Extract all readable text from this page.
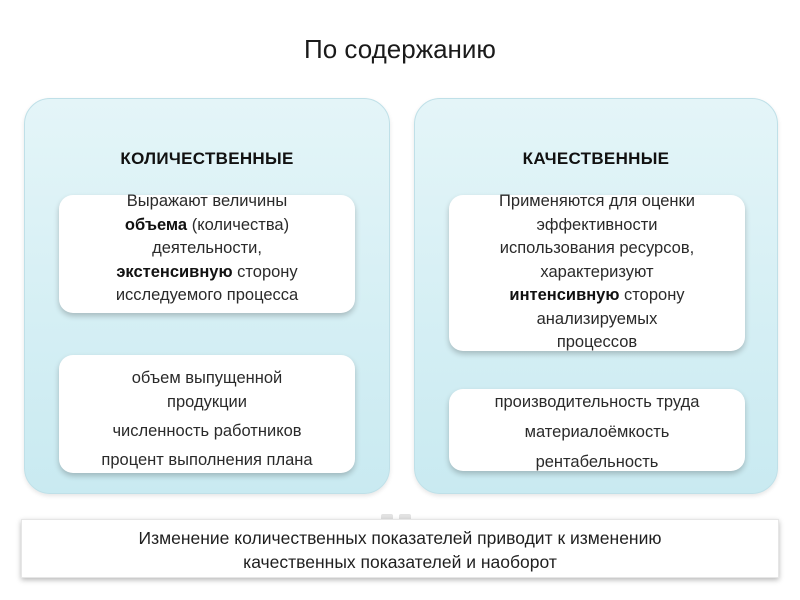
По содержанию
КОЛИЧЕСТВЕННЫЕ
Выражают величины
объема (количества)
деятельности,
экстенсивную сторону
исследуемого процесса
объем выпущенной
продукции
численность работников
процент выполнения плана
КАЧЕСТВЕННЫЕ
Применяются для оценки
эффективности
использования ресурсов,
характеризуют
интенсивную сторону
анализируемых
процессов
производительность труда
материалоёмкость
рентабельность
Изменение количественных показателей приводит к изменению
качественных показателей и наоборот
